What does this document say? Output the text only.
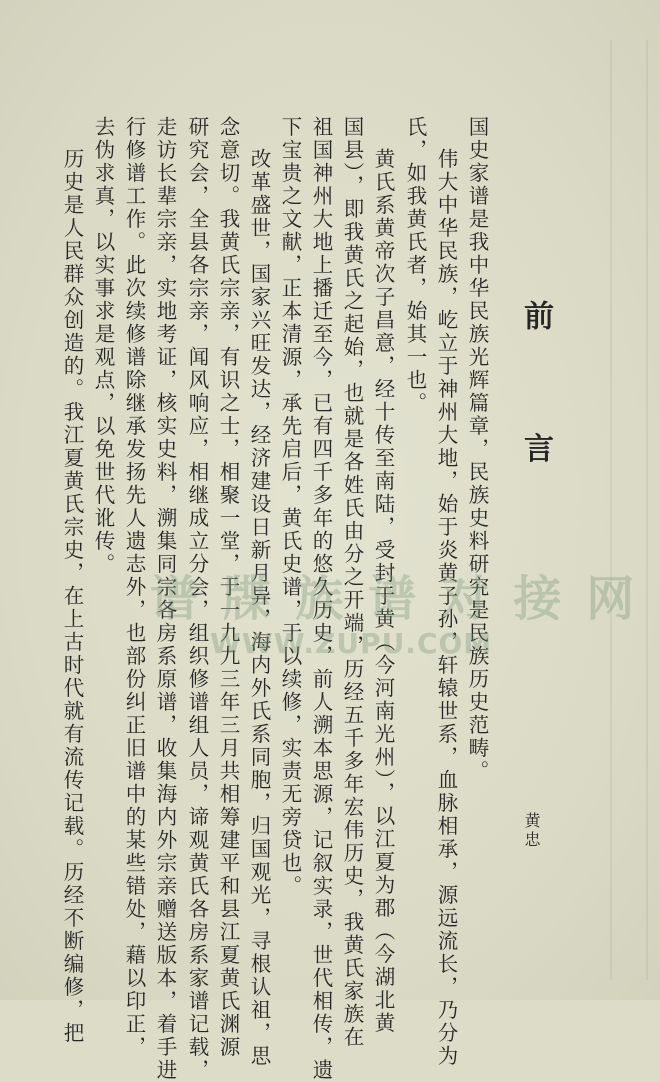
前 言
黄忠
国史家谱是我中华民族光辉篇章，民族史料研究是民族历史范畴。
伟大中华民族，屹立于神州大地，始于炎黄子孙，轩辕世系，血脉相承，源远流长，乃分为
氏，如我黄氏者，始其一也。
黄氏系黄帝次子昌意，经十传至南陆，受封于黄（今河南光州），以江夏为郡（今湖北黄
国县），即我黄氏之起始，也就是各姓氏由分之开端，历经五千多年宏伟历史，我黄氏家族在
祖国神州大地上播迁至今，已有四千多年的悠久历史，前人溯本思源，记叙实录，世代相传，遗
下宝贵之文献，正本清源，承先启后，黄氏史谱，于以续修，实责无旁贷也。
改革盛世，国家兴旺发达，经济建设日新月异，海内外氏系同胞，归国观光，寻根认祖，思
念意切。我黄氏宗亲，有识之士，相聚一堂，于一九九三年三月共相筹建平和县江夏黄氏渊源
研究会，全县各宗亲，闻风响应，相继成立分会，组织修谱组人员，谛观黄氏各房系家谱记载，
走访长辈宗亲，实地考证，核实史料，溯集同宗各房系原谱，收集海内外宗亲赠送版本，着手进
行修谱工作。此次续修谱除继承发扬先人遗志外，也部份纠正旧谱中的某些错处，藉以印正，
去伪求真，以实事求是观点，以免世代讹传。
历史是人民群众创造的。我江夏黄氏宗史，在上古时代就有流传记载。历经不断编修，把 谱 牒 族 谱 对 接 网
WWW.ZUPU.COM
